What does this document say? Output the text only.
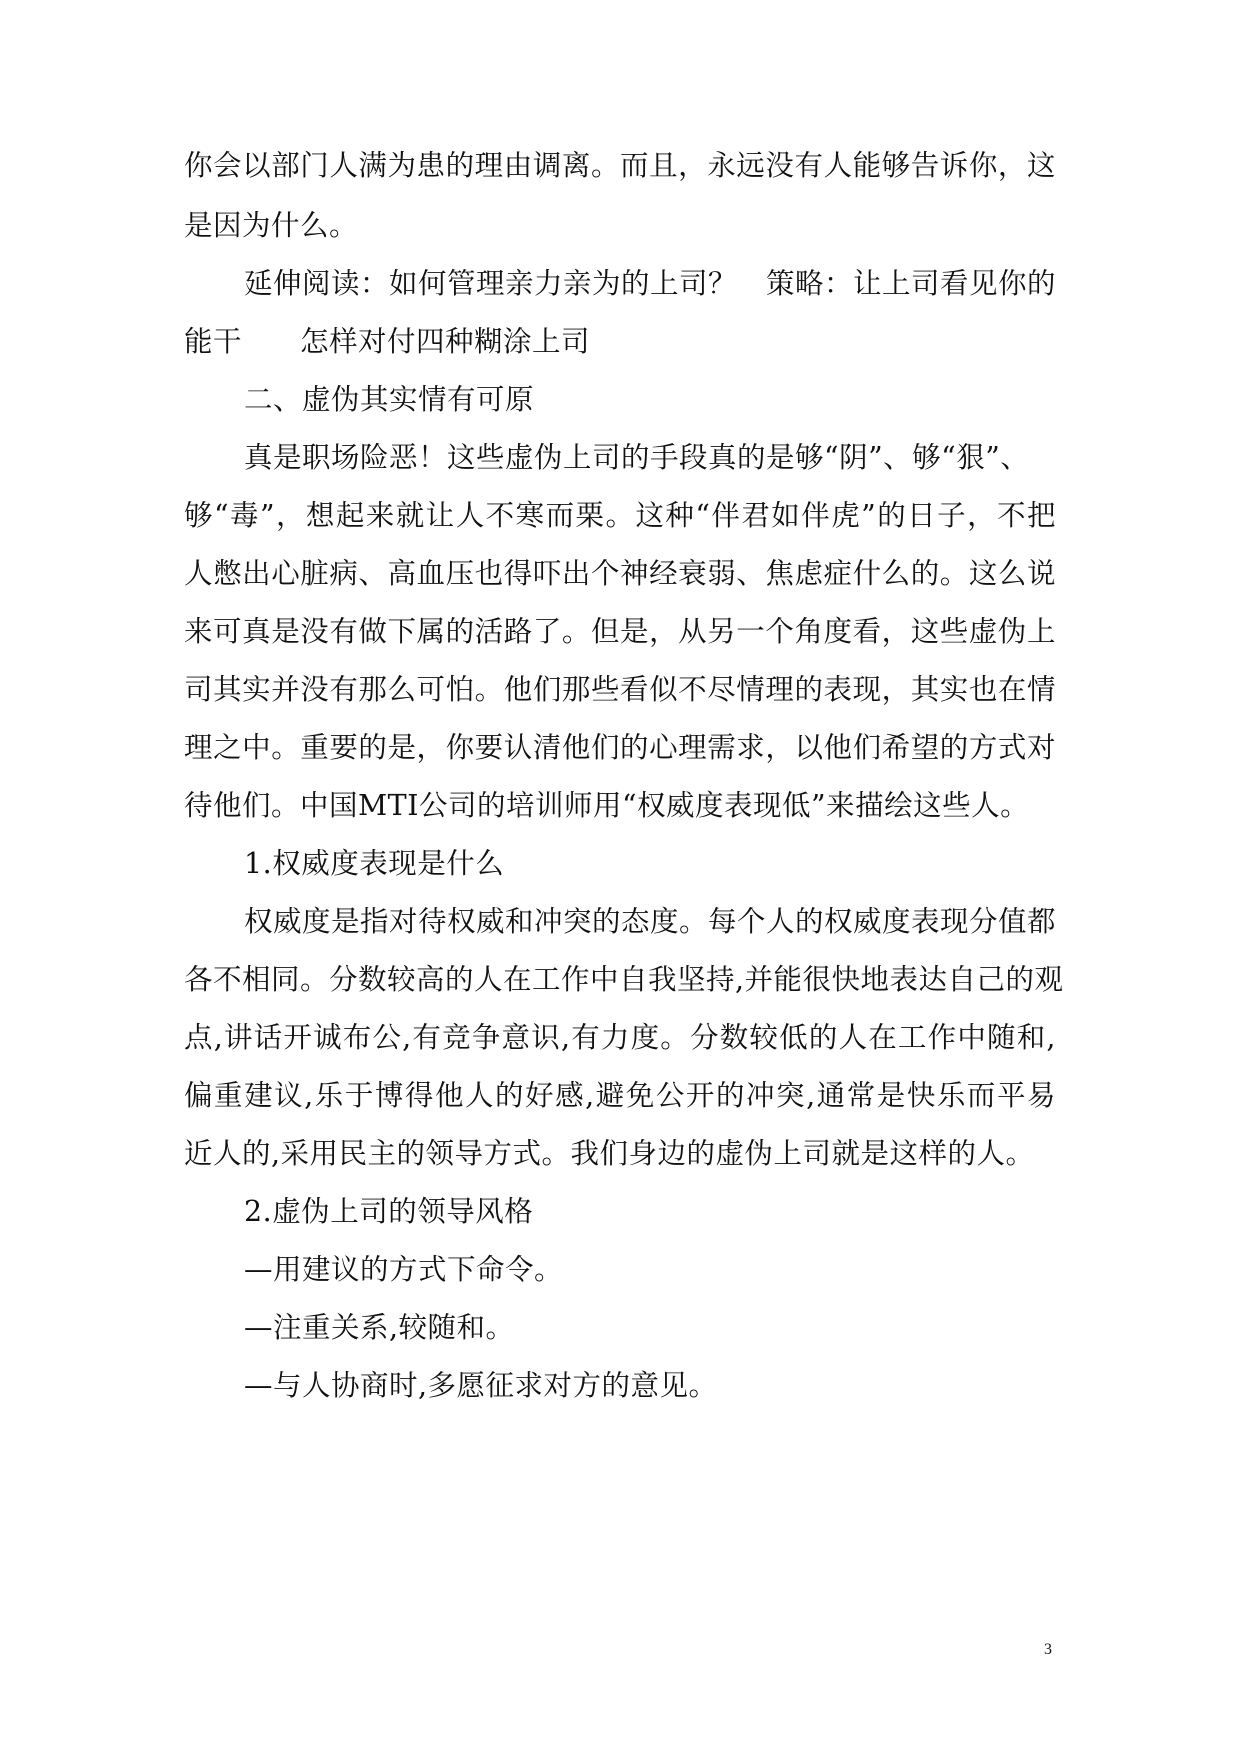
你会以部门人满为患的理由调离。而且，永远没有人能够告诉你，这
是因为什么。
延伸阅读：如何管理亲力亲为的上司？　策略：让上司看见你的
能干　　怎样对付四种糊涂上司
二、虚伪其实情有可原
真是职场险恶！这些虚伪上司的手段真的是够“阴”、够“狠”、
够“毒”，想起来就让人不寒而栗。这种“伴君如伴虎”的日子，不把
人憋出心脏病、高血压也得吓出个神经衰弱、焦虑症什么的。这么说
来可真是没有做下属的活路了。但是，从另一个角度看，这些虚伪上
司其实并没有那么可怕。他们那些看似不尽情理的表现，其实也在情
理之中。重要的是，你要认清他们的心理需求，以他们希望的方式对
待他们。中国MTI公司的培训师用“权威度表现低”来描绘这些人。
1.权威度表现是什么
权威度是指对待权威和冲突的态度。每个人的权威度表现分值都
各不相同。分数较高的人在工作中自我坚持,并能很快地表达自己的观
点,讲话开诚布公,有竞争意识,有力度。分数较低的人在工作中随和,
偏重建议,乐于博得他人的好感,避免公开的冲突,通常是快乐而平易
近人的,采用民主的领导方式。我们身边的虚伪上司就是这样的人。
2.虚伪上司的领导风格
—用建议的方式下命令。
—注重关系,较随和。
—与人协商时,多愿征求对方的意见。
3
